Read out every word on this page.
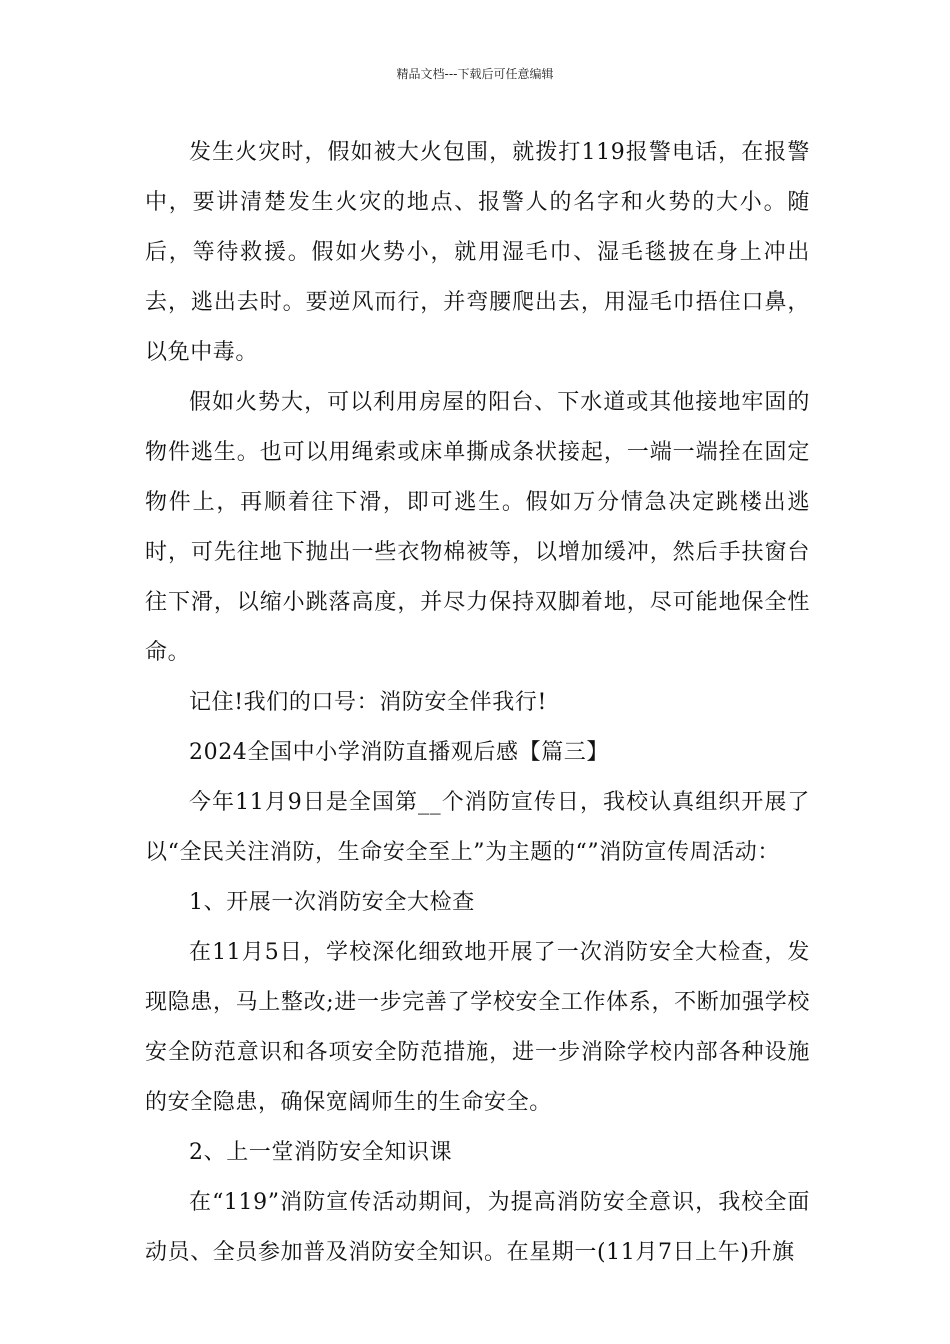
精品文档---下载后可任意编辑

发生火灾时，假如被大火包围，就拨打119报警电话，在报警中，要讲清楚发生火灾的地点、报警人的名字和火势的大小。随后，等待救援。假如火势小，就用湿毛巾、湿毛毯披在身上冲出去，逃出去时。要逆风而行，并弯腰爬出去，用湿毛巾捂住口鼻，以免中毒。

假如火势大，可以利用房屋的阳台、下水道或其他接地牢固的物件逃生。也可以用绳索或床单撕成条状接起，一端一端拴在固定物件上，再顺着往下滑，即可逃生。假如万分情急决定跳楼出逃时，可先往地下抛出一些衣物棉被等，以增加缓冲，然后手扶窗台往下滑，以缩小跳落高度，并尽力保持双脚着地，尽可能地保全性命。

记住!我们的口号：消防安全伴我行!

2024全国中小学消防直播观后感【篇三】

今年11月9日是全国第__个消防宣传日，我校认真组织开展了以“全民关注消防，生命安全至上”为主题的“”消防宣传周活动：

1、开展一次消防安全大检查

在11月5日，学校深化细致地开展了一次消防安全大检查，发现隐患，马上整改;进一步完善了学校安全工作体系，不断加强学校安全防范意识和各项安全防范措施，进一步消除学校内部各种设施的安全隐患，确保宽阔师生的生命安全。

2、上一堂消防安全知识课

在“119”消防宣传活动期间，为提高消防安全意识，我校全面动员、全员参加普及消防安全知识。在星期一(11月7日上午)升旗
